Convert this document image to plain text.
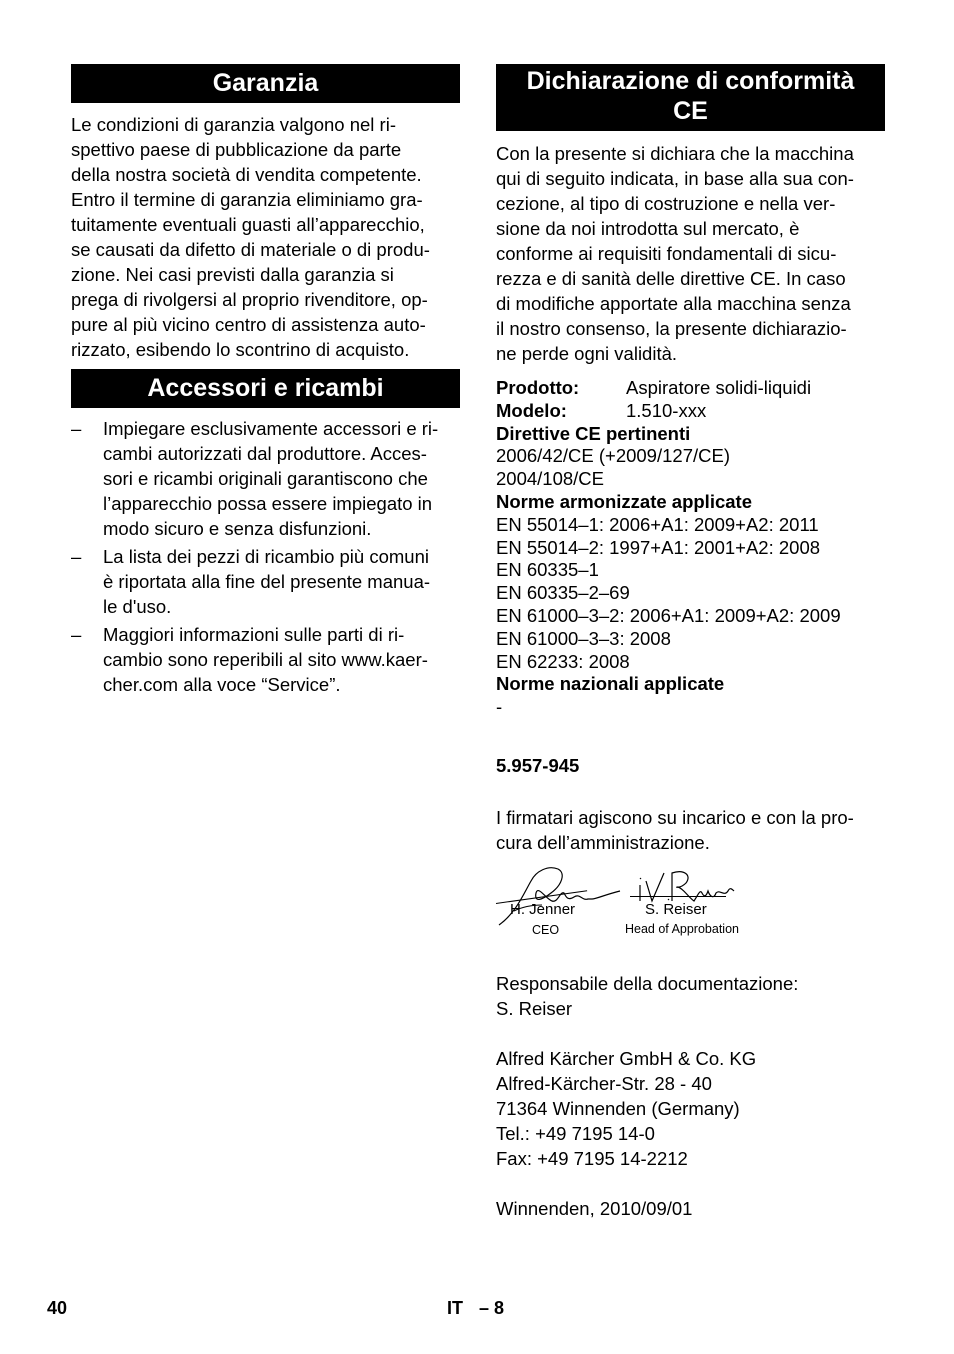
Garanzia

Le condizioni di garanzia valgono nel ri-
spettivo paese di pubblicazione da parte
della nostra società di vendita competente.
Entro il termine di garanzia eliminiamo gra-
tuitamente eventuali guasti all’apparecchio,
se causati da difetto di materiale o di produ-
zione. Nei casi previsti dalla garanzia si
prega di rivolgersi al proprio rivenditore, op-
pure al più vicino centro di assistenza auto-
rizzato, esibendo lo scontrino di acquisto.

Accessori e ricambi
– Impiegare esclusivamente accessori e ri-
cambi autorizzati dal produttore. Acces-
sori e ricambi originali garantiscono che
l’apparecchio possa essere impiegato in
modo sicuro e senza disfunzioni.
– La lista dei pezzi di ricambio più comuni
è riportata alla fine del presente manua-
le d'uso.
– Maggiori informazioni sulle parti di ri-
cambio sono reperibili al sito www.kaer-
cher.com alla voce “Service”.
Dichiarazione di conformità
CE

Con la presente si dichiara che la macchina
qui di seguito indicata, in base alla sua con-
cezione, al tipo di costruzione e nella ver-
sione da noi introdotta sul mercato, è
conforme ai requisiti fondamentali di sicu-
rezza e di sanità delle direttive CE. In caso
di modifiche apportate alla macchina senza
il nostro consenso, la presente dichiarazio-
ne perde ogni validità.

Prodotto:	Aspiratore solidi-liquidi
Modelo:	1.510-xxx
Direttive CE pertinenti
2006/42/CE (+2009/127/CE)
2004/108/CE
Norme armonizzate applicate
EN 55014–1: 2006+A1: 2009+A2: 2011
EN 55014–2: 1997+A1: 2001+A2: 2008
EN 60335–1
EN 60335–2–69
EN 61000–3–2: 2006+A1: 2009+A2: 2009
EN 61000–3–3: 2008
EN 62233: 2008
Norme nazionali applicate
-
5.957-945

I firmatari agiscono su incarico e con la pro-
cura dell’amministrazione.

H. Jenner
CEO
S. Reiser
Head of Approbation
Responsabile della documentazione:
S. Reiser
Alfred Kärcher GmbH & Co. KG
Alfred-Kärcher-Str. 28 - 40
71364 Winnenden (Germany)
Tel.: +49 7195 14-0
Fax: +49 7195 14-2212
Winnenden, 2010/09/01
40	IT – 8
